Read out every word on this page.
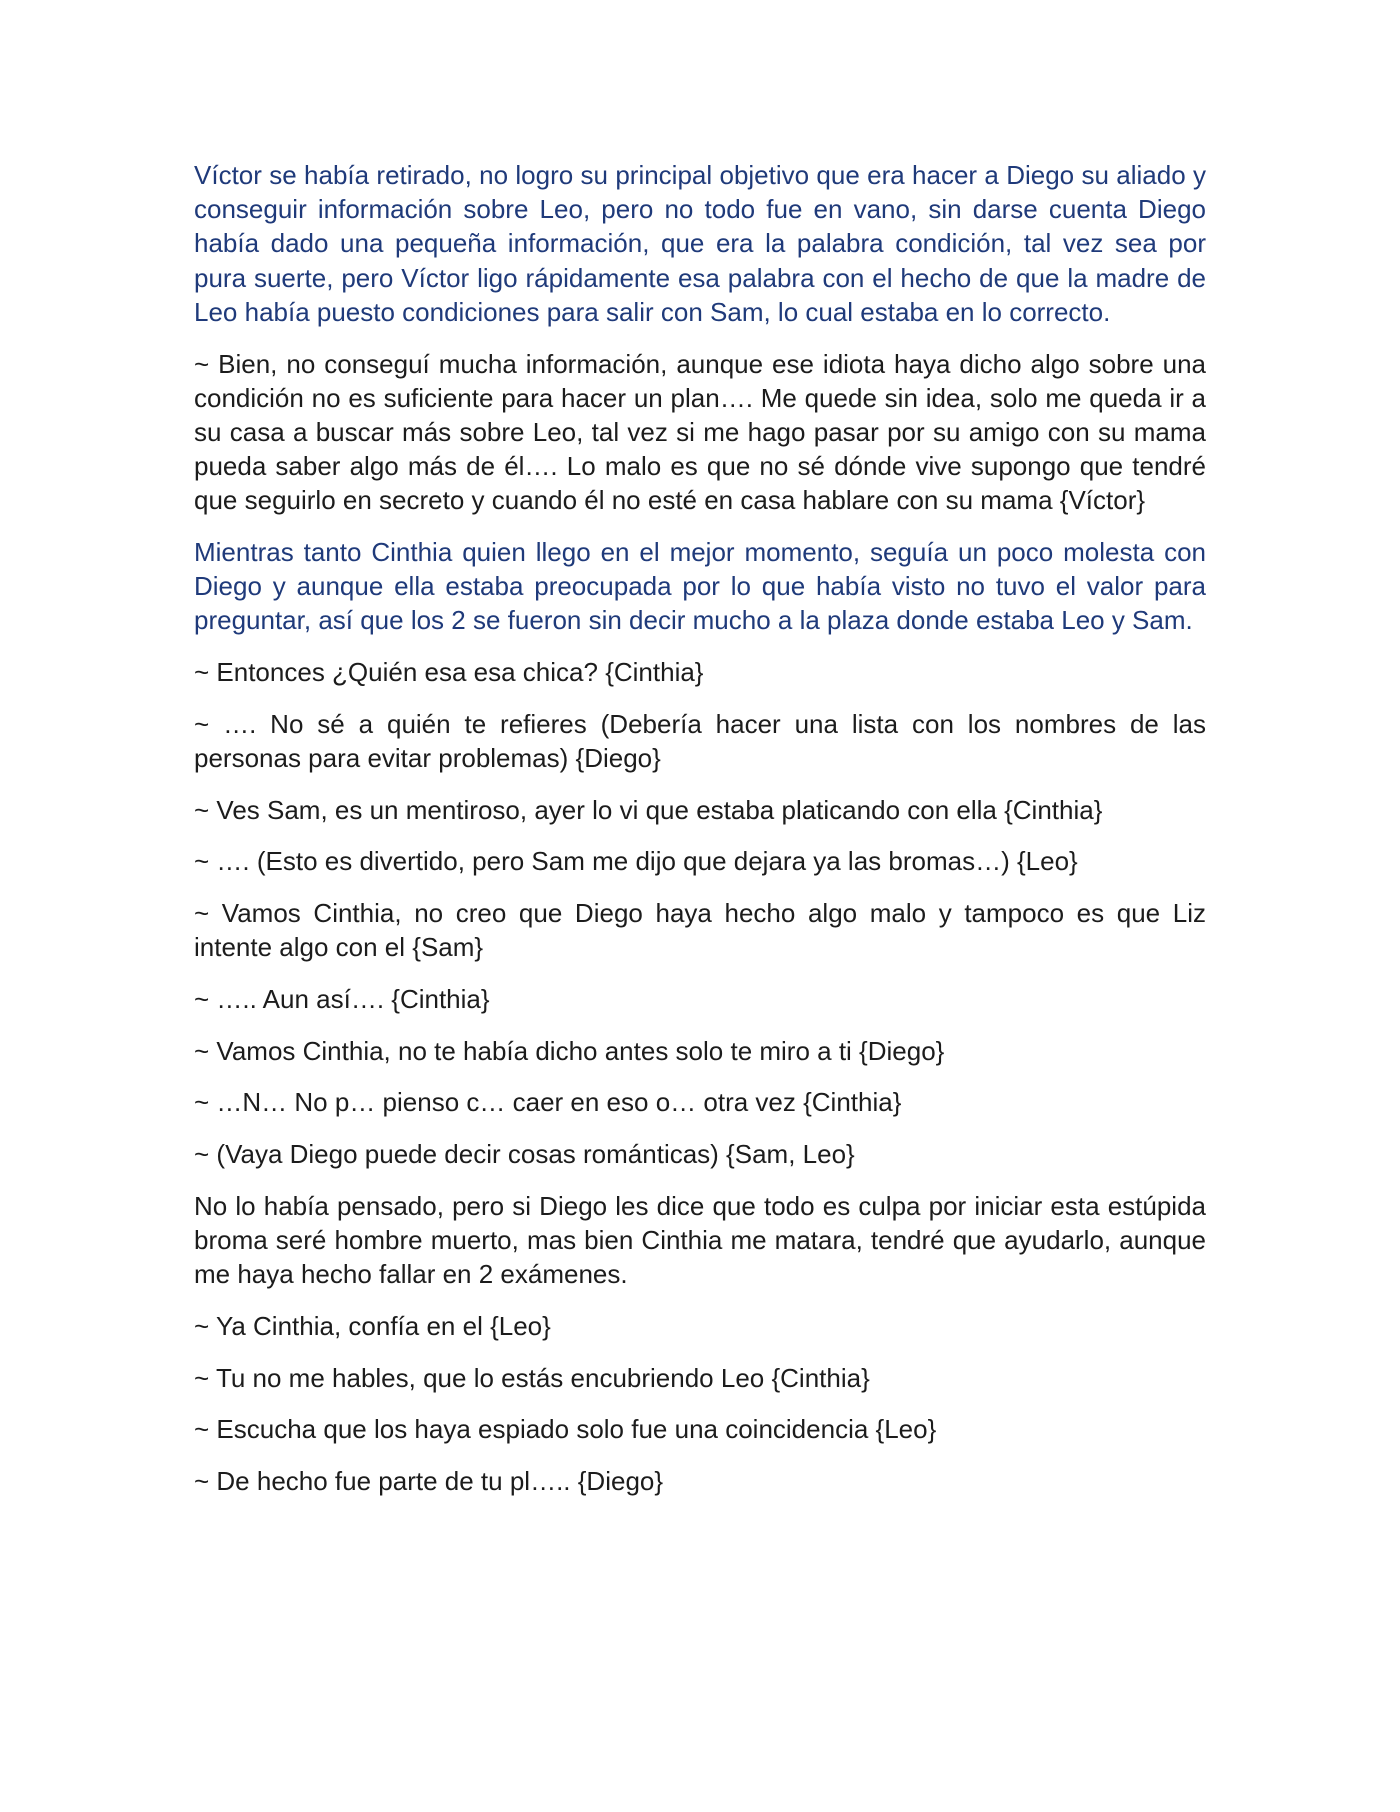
Víctor se había retirado, no logro su principal objetivo que era hacer a Diego su aliado y conseguir información sobre Leo, pero no todo fue en vano, sin darse cuenta Diego había dado una pequeña información, que era la palabra condición, tal vez sea por pura suerte, pero Víctor ligo rápidamente esa palabra con el hecho de que la madre de Leo había puesto condiciones para salir con Sam, lo cual estaba en lo correcto.

~ Bien, no conseguí mucha información, aunque ese idiota haya dicho algo sobre una condición no es suficiente para hacer un plan…. Me quede sin idea, solo me queda ir a su casa a buscar más sobre Leo, tal vez si me hago pasar por su amigo con su mama pueda saber algo más de él…. Lo malo es que no sé dónde vive supongo que tendré que seguirlo en secreto y cuando él no esté en casa hablare con su mama {Víctor}

Mientras tanto Cinthia quien llego en el mejor momento, seguía un poco molesta con Diego y aunque ella estaba preocupada por lo que había visto no tuvo el valor para preguntar, así que los 2 se fueron sin decir mucho a la plaza donde estaba Leo y Sam.

~ Entonces ¿Quién esa esa chica? {Cinthia}

~ …. No sé a quién te refieres (Debería hacer una lista con los nombres de las personas para evitar problemas) {Diego}

~ Ves Sam, es un mentiroso, ayer lo vi que estaba platicando con ella {Cinthia}

~ …. (Esto es divertido, pero Sam me dijo que dejara ya las bromas…) {Leo}

~ Vamos Cinthia, no creo que Diego haya hecho algo malo y tampoco es que Liz intente algo con el {Sam}

~ ….. Aun así…. {Cinthia}

~ Vamos Cinthia, no te había dicho antes solo te miro a ti {Diego}

~ …N… No p… pienso c… caer en eso o… otra vez {Cinthia}

~ (Vaya Diego puede decir cosas románticas) {Sam, Leo}

No lo había pensado, pero si Diego les dice que todo es culpa por iniciar esta estúpida broma seré hombre muerto, mas bien Cinthia me matara, tendré que ayudarlo, aunque me haya hecho fallar en 2 exámenes.

~ Ya Cinthia, confía en el {Leo}

~ Tu no me hables, que lo estás encubriendo Leo {Cinthia}

~ Escucha que los haya espiado solo fue una coincidencia {Leo}

~ De hecho fue parte de tu pl….. {Diego}
